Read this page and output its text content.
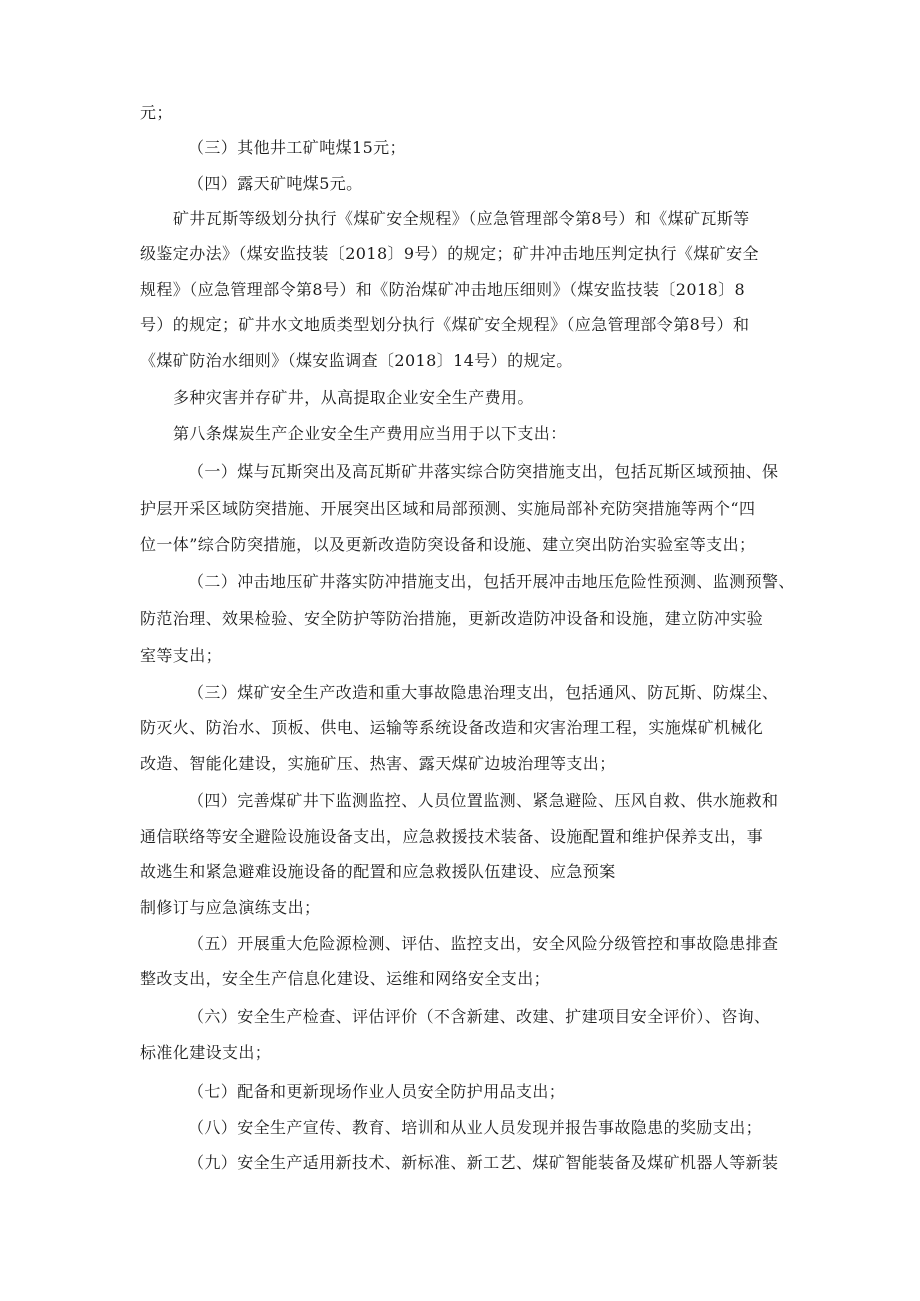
元；
（三）其他井工矿吨煤15元；
（四）露天矿吨煤5元。
矿井瓦斯等级划分执行《煤矿安全规程》（应急管理部令第8号）和《煤矿瓦斯等
级鉴定办法》（煤安监技装〔2018〕9号）的规定；矿井冲击地压判定执行《煤矿安全
规程》（应急管理部令第8号）和《防治煤矿冲击地压细则》（煤安监技装〔2018〕8
号）的规定；矿井水文地质类型划分执行《煤矿安全规程》（应急管理部令第8号）和
《煤矿防治水细则》（煤安监调查〔2018〕14号）的规定。
多种灾害并存矿井，从高提取企业安全生产费用。
第八条煤炭生产企业安全生产费用应当用于以下支出：
（一）煤与瓦斯突出及高瓦斯矿井落实综合防突措施支出，包括瓦斯区域预抽、保
护层开采区域防突措施、开展突出区域和局部预测、实施局部补充防突措施等两个“四
位一体”综合防突措施，以及更新改造防突设备和设施、建立突出防治实验室等支出；
（二）冲击地压矿井落实防冲措施支出，包括开展冲击地压危险性预测、监测预警、
防范治理、效果检验、安全防护等防治措施，更新改造防冲设备和设施，建立防冲实验
室等支出；
（三）煤矿安全生产改造和重大事故隐患治理支出，包括通风、防瓦斯、防煤尘、
防灭火、防治水、顶板、供电、运输等系统设备改造和灾害治理工程，实施煤矿机械化
改造、智能化建设，实施矿压、热害、露天煤矿边坡治理等支出；
（四）完善煤矿井下监测监控、人员位置监测、紧急避险、压风自救、供水施救和
通信联络等安全避险设施设备支出，应急救援技术装备、设施配置和维护保养支出，事
故逃生和紧急避难设施设备的配置和应急救援队伍建设、应急预案
制修订与应急演练支出；
（五）开展重大危险源检测、评估、监控支出，安全风险分级管控和事故隐患排查
整改支出，安全生产信息化建设、运维和网络安全支出；
（六）安全生产检查、评估评价（不含新建、改建、扩建项目安全评价）、咨询、
标准化建设支出；
（七）配备和更新现场作业人员安全防护用品支出；
（八）安全生产宣传、教育、培训和从业人员发现并报告事故隐患的奖励支出；
（九）安全生产适用新技术、新标准、新工艺、煤矿智能装备及煤矿机器人等新装
